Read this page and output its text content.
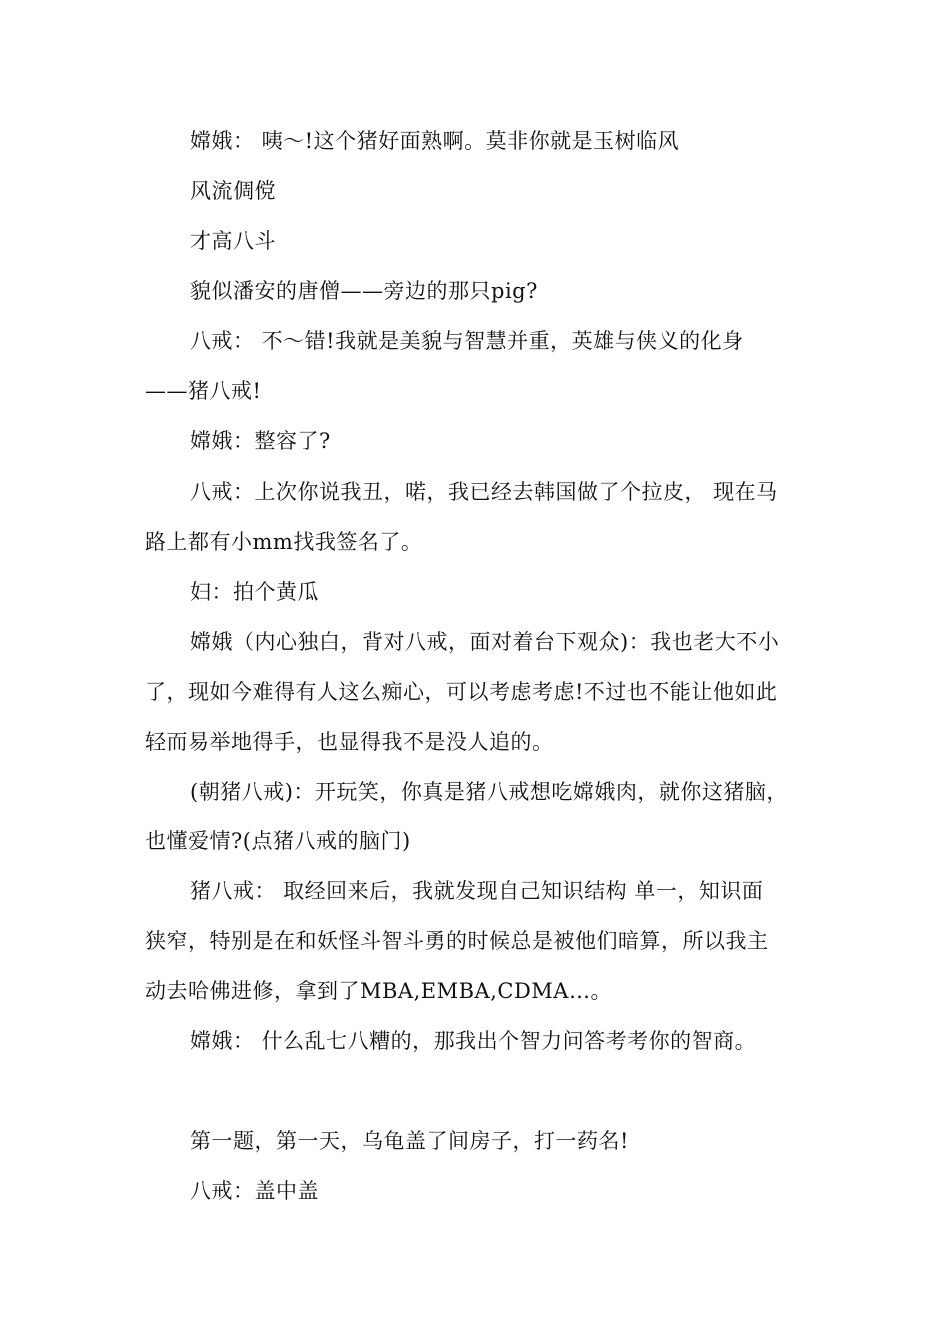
嫦娥： 咦～!这个猪好面熟啊。莫非你就是玉树临风
风流倜傥
才高八斗
貌似潘安的唐僧——旁边的那只pig?
八戒： 不～错!我就是美貌与智慧并重，英雄与侠义的化身
——猪八戒!
嫦娥：整容了?
八戒：上次你说我丑，喏，我已经去韩国做了个拉皮， 现在马
路上都有小mm找我签名了。
妇：拍个黄瓜
嫦娥（内心独白，背对八戒，面对着台下观众)：我也老大不小
了，现如今难得有人这么痴心，可以考虑考虑!不过也不能让他如此
轻而易举地得手，也显得我不是没人追的。
(朝猪八戒)：开玩笑，你真是猪八戒想吃嫦娥肉，就你这猪脑，
也懂爱情?(点猪八戒的脑门)
猪八戒： 取经回来后，我就发现自己知识结构 单一，知识面
狭窄，特别是在和妖怪斗智斗勇的时候总是被他们暗算，所以我主
动去哈佛进修，拿到了MBA,EMBA,CDMA…。
嫦娥： 什么乱七八糟的，那我出个智力问答考考你的智商。
第一题，第一天，乌龟盖了间房子，打一药名!
八戒：盖中盖
